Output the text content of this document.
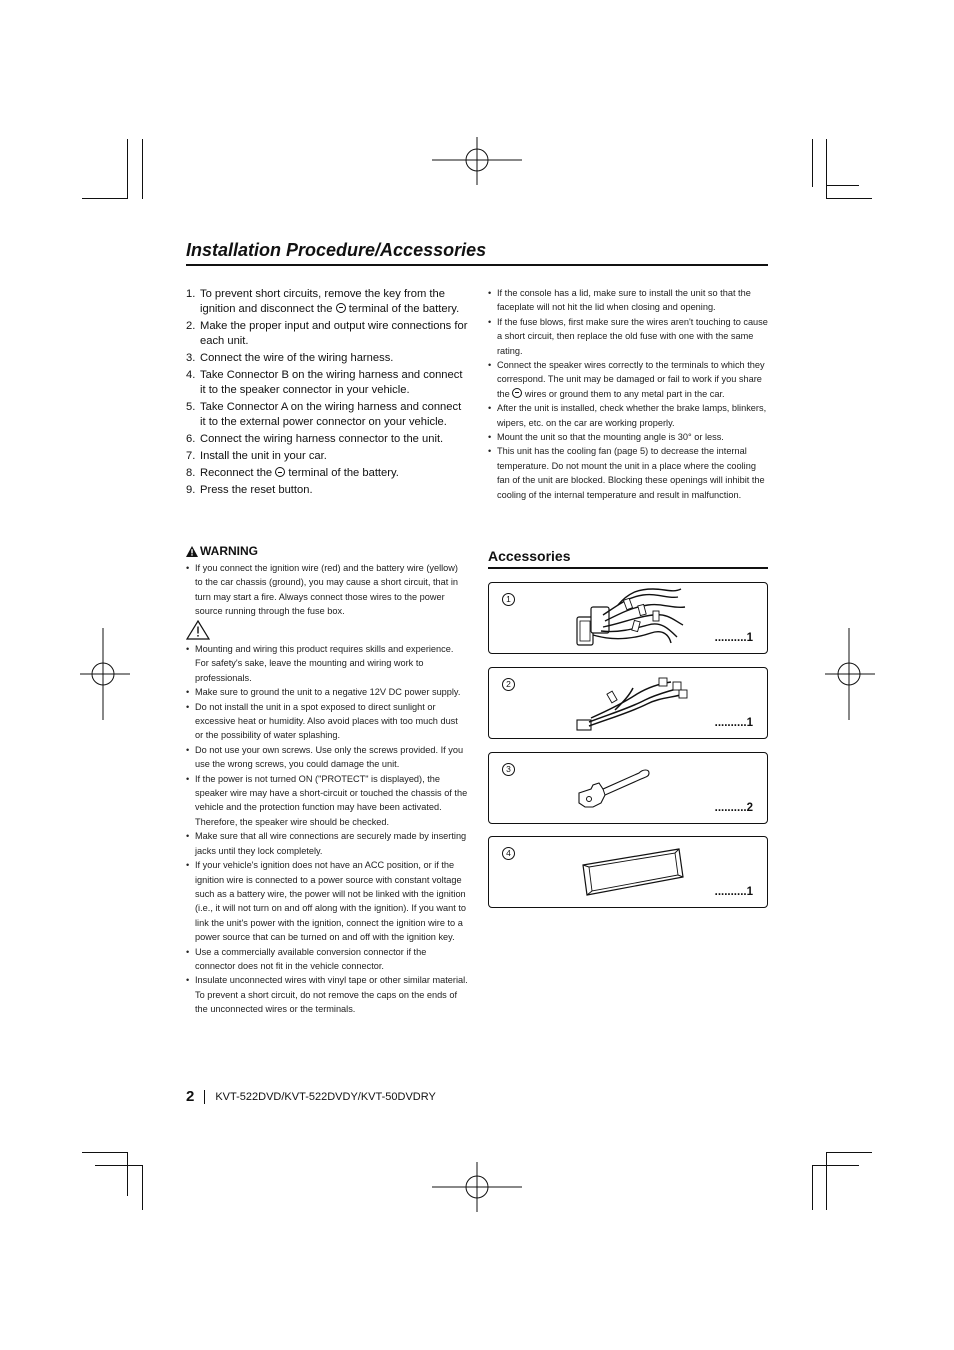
Installation Procedure/Accessories
1. To prevent short circuits, remove the key from the ignition and disconnect the  terminal of the battery.
2. Make the proper input and output wire connections for each unit.
3. Connect the wire of the wiring harness.
4. Take Connector B on the wiring harness and connect it to the speaker connector in your vehicle.
5. Take Connector A on the wiring harness and connect it to the external power connector on your vehicle.
6. Connect the wiring harness connector to the unit.
7. Install the unit in your car.
8. Reconnect the  terminal of the battery.
9. Press the reset button.
WARNING
• If you connect the ignition wire (red) and the battery wire (yellow) to the car chassis (ground), you may cause a short circuit, that in turn may start a fire. Always connect those wires to the power source running through the fuse box.
• Mounting and wiring this product requires skills and experience. For safety's sake, leave the mounting and wiring work to professionals.
• Make sure to ground the unit to a negative 12V DC power supply.
• Do not install the unit in a spot exposed to direct sunlight or excessive heat or humidity. Also avoid places with too much dust or the possibility of water splashing.
• Do not use your own screws. Use only the screws provided. If you use the wrong screws, you could damage the unit.
• If the power is not turned ON ("PROTECT" is displayed), the speaker wire may have a short-circuit or touched the chassis of the vehicle and the protection function may have been activated. Therefore, the speaker wire should be checked.
• Make sure that all wire connections are securely made by inserting jacks until they lock completely.
• If your vehicle's ignition does not have an ACC position, or if the ignition wire is connected to a power source with constant voltage such as a battery wire, the power will not be linked with the ignition (i.e., it will not turn on and off along with the ignition). If you want to link the unit's power with the ignition, connect the ignition wire to a power source that can be turned on and off with the ignition key.
• Use a commercially available conversion connector if the connector does not fit in the vehicle connector.
• Insulate unconnected wires with vinyl tape or other similar material. To prevent a short circuit, do not remove the caps on the ends of the unconnected wires or the terminals.
• If the console has a lid, make sure to install the unit so that the faceplate will not hit the lid when closing and opening.
• If the fuse blows, first make sure the wires aren't touching to cause a short circuit, then replace the old fuse with one with the same rating.
• Connect the speaker wires correctly to the terminals to which they correspond. The unit may be damaged or fail to work if you share the  wires or ground them to any metal part in the car.
• After the unit is installed, check whether the brake lamps, blinkers, wipers, etc. on the car are working properly.
• Mount the unit so that the mounting angle is 30° or less.
• This unit has the cooling fan (page 5) to decrease the internal temperature. Do not mount the unit in a place where the cooling fan of the unit are blocked. Blocking these openings will inhibit the cooling of the internal temperature and result in malfunction.
Accessories
1
..........1
2
..........1
3
..........2
4
..........1
2 KVT-522DVD/KVT-522DVDY/KVT-50DVDRY
